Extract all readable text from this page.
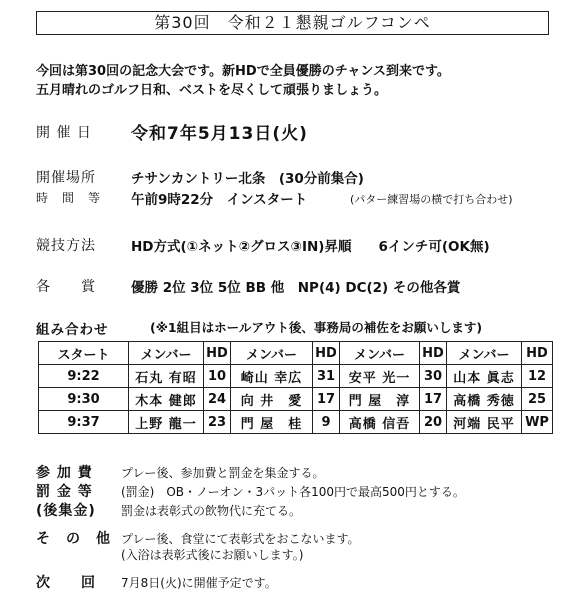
第30回　令和２１懇親ゴルフコンペ
今回は第30回の記念大会です。新HDで全員優勝のチャンス到来です。
五月晴れのゴルフ日和、ベストを尽くして頑張りましょう。
開 催 日 令和7年5月13日(火)
開催場所	チサンカントリー北条　(30分前集合)
時　間　等 午前9時22分　インスタート	(パター練習場の横で打ち合わせ)
競技方法	HD方式(①ネット②グロス③IN)昇順　　6インチ可(OK無)
各　　賞	優勝 2位 3位 5位 BB 他　NP(4) DC(2) その他各賞
組み合わせ	(※1組目はホールアウト後、事務局の補佐をお願いします)
スタート	メンバー	HD	メンバー	HD	メンバー	HD	メンバー	HD
9:22	石丸 有昭	10	崎山 幸広	31	安平 光一	30	山本 眞志	12
9:30	木本 健郎	24	向 井　愛	17	門 屋　淳	17	高橋 秀徳	25
9:37	上野 龍一	23	門 屋　桂	9	高橋 信吾	20	河端 民平	WP
参 加 費 プレー後、参加費と罰金を集金する。
罰 金 等 (罰金)　OB・ノーオン・3パット各100円で最高500円とする。
(後集金) 罰金は表彰式の飲物代に充てる。
そ　の　他 プレー後、食堂にて表彰式をおこないます。
(入浴は表彰式後にお願いします。)
次　　回 7月8日(火)に開催予定です。
